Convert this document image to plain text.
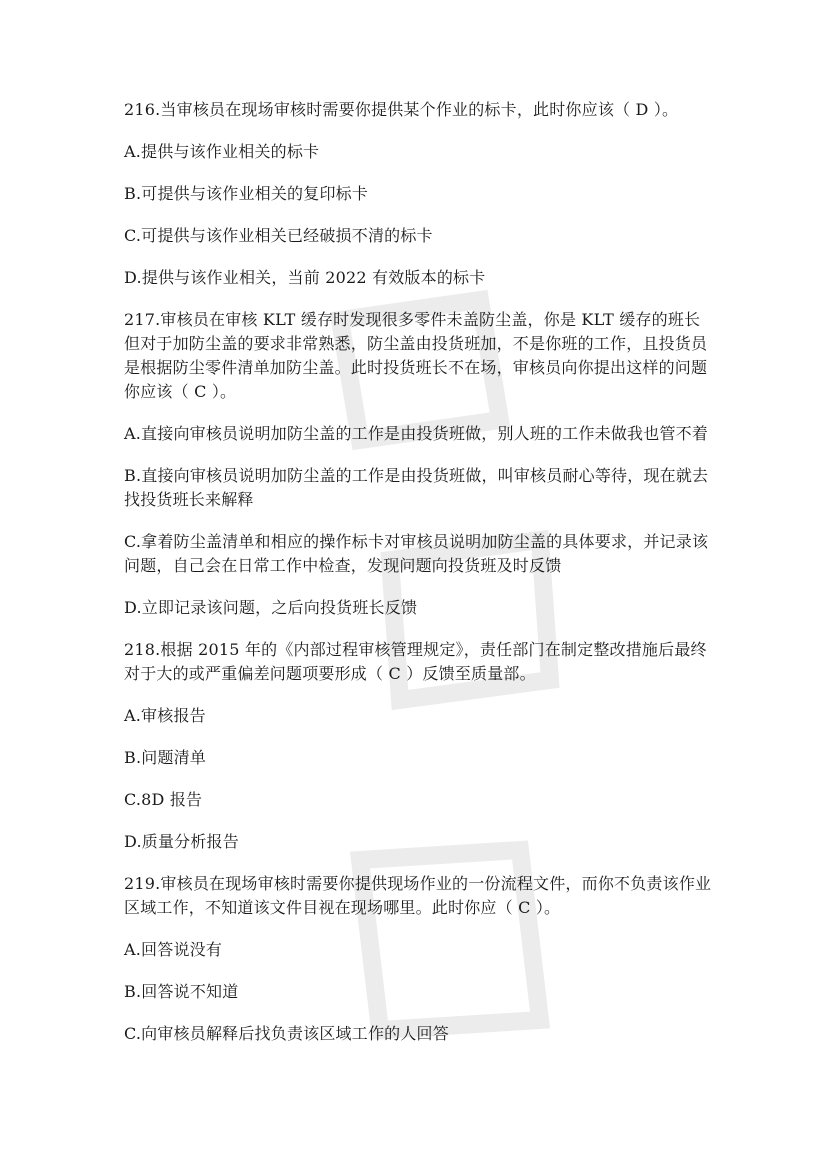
216.当审核员在现场审核时需要你提供某个作业的标卡，此时你应该（ D ）。

A.提供与该作业相关的标卡

B.可提供与该作业相关的复印标卡

C.可提供与该作业相关已经破损不清的标卡

D.提供与该作业相关，当前 2022 有效版本的标卡

217.审核员在审核 KLT 缓存时发现很多零件未盖防尘盖，你是 KLT 缓存的班长但对于加防尘盖的要求非常熟悉，防尘盖由投货班加，不是你班的工作，且投货员是根据防尘零件清单加防尘盖。此时投货班长不在场，审核员向你提出这样的问题你应该（ C ）。

A.直接向审核员说明加防尘盖的工作是由投货班做，别人班的工作未做我也管不着

B.直接向审核员说明加防尘盖的工作是由投货班做，叫审核员耐心等待，现在就去找投货班长来解释

C.拿着防尘盖清单和相应的操作标卡对审核员说明加防尘盖的具体要求，并记录该问题，自己会在日常工作中检查，发现问题向投货班及时反馈

D.立即记录该问题，之后向投货班长反馈

218.根据 2015 年的《内部过程审核管理规定》，责任部门在制定整改措施后最终对于大的或严重偏差问题项要形成（ C ）反馈至质量部。

A.审核报告

B.问题清单

C.8D 报告

D.质量分析报告

219.审核员在现场审核时需要你提供现场作业的一份流程文件，而你不负责该作业区域工作，不知道该文件目视在现场哪里。此时你应（ C ）。

A.回答说没有

B.回答说不知道

C.向审核员解释后找负责该区域工作的人回答
